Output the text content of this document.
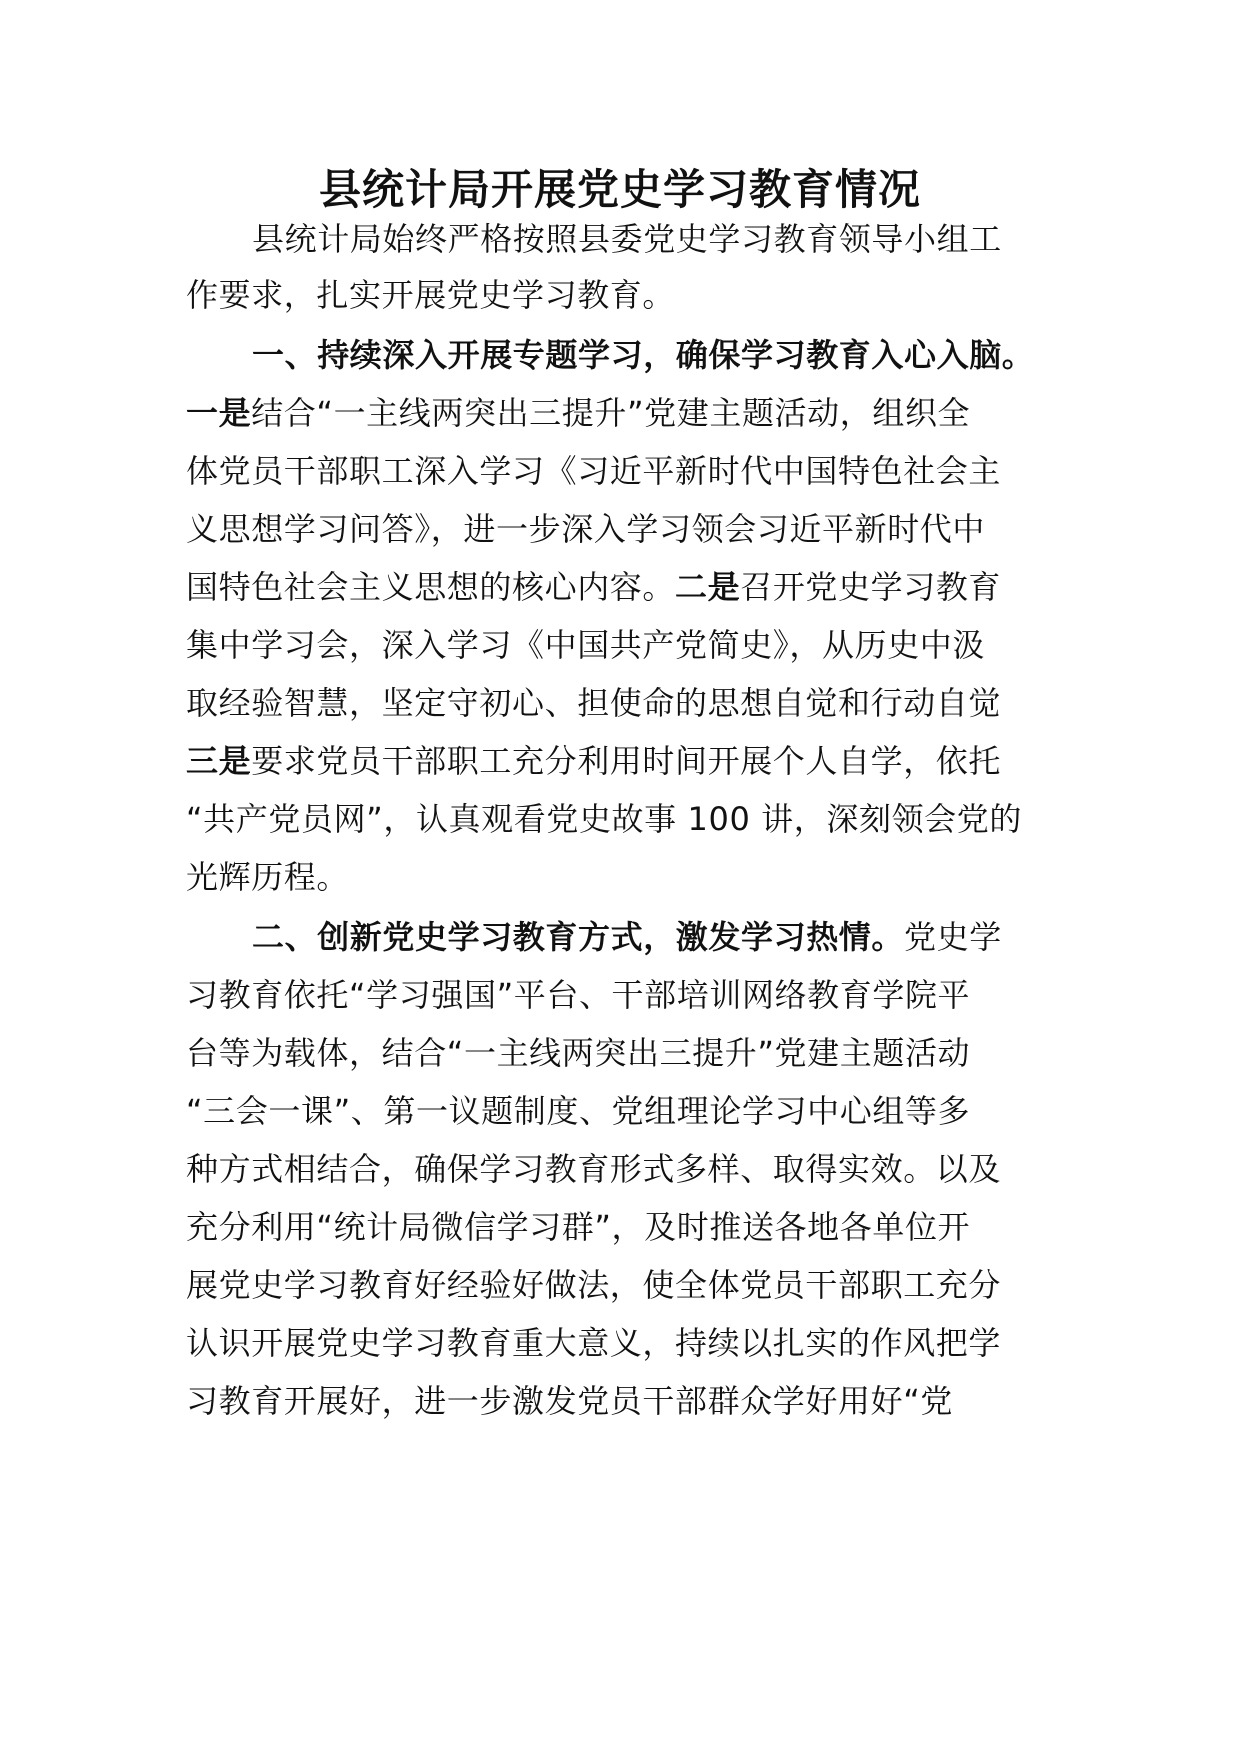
县统计局开展党史学习教育情况
县统计局始终严格按照县委党史学习教育领导小组工
作要求，扎实开展党史学习教育。
一、持续深入开展专题学习，确保学习教育入心入脑。
一是结合“一主线两突出三提升”党建主题活动，组织全
体党员干部职工深入学习《习近平新时代中国特色社会主
义思想学习问答》，进一步深入学习领会习近平新时代中
国特色社会主义思想的核心内容。二是召开党史学习教育
集中学习会，深入学习《中国共产党简史》，从历史中汲
取经验智慧，坚定守初心、担使命的思想自觉和行动自觉
三是要求党员干部职工充分利用时间开展个人自学，依托
“共产党员网”，认真观看党史故事 100 讲，深刻领会党的
光辉历程。
二、创新党史学习教育方式，激发学习热情。党史学
习教育依托“学习强国”平台、干部培训网络教育学院平
台等为载体，结合“一主线两突出三提升”党建主题活动
“三会一课”、第一议题制度、党组理论学习中心组等多
种方式相结合，确保学习教育形式多样、取得实效。以及
充分利用“统计局微信学习群”，及时推送各地各单位开
展党史学习教育好经验好做法，使全体党员干部职工充分
认识开展党史学习教育重大意义，持续以扎实的作风把学
习教育开展好，进一步激发党员干部群众学好用好“党
